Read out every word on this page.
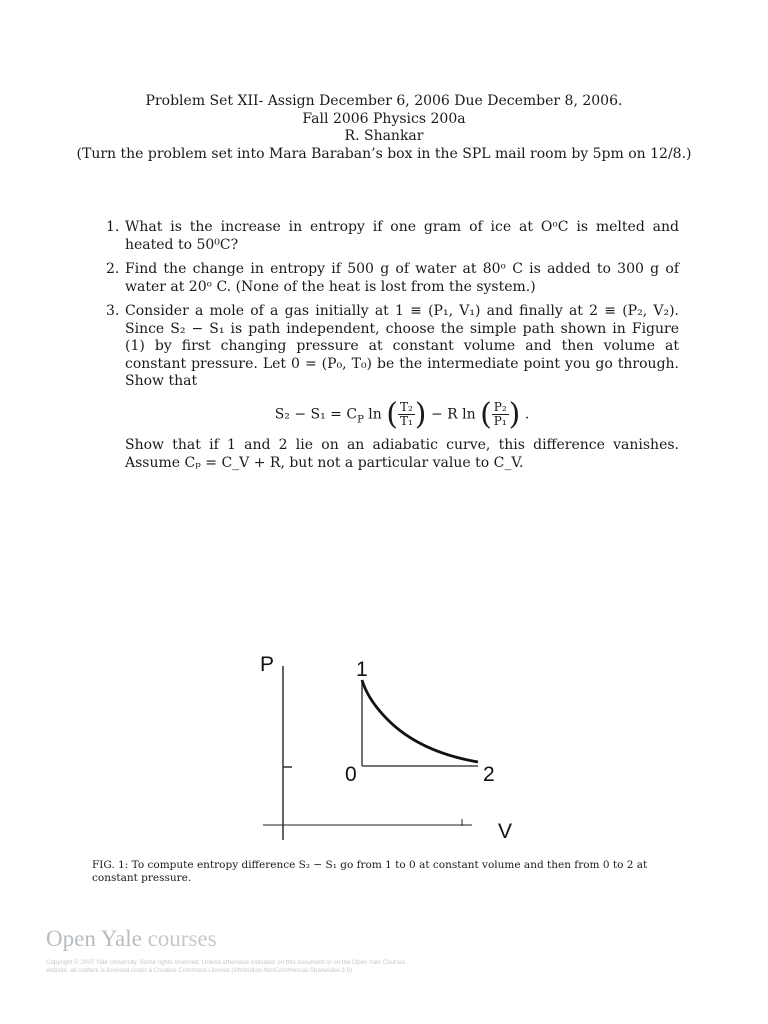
Problem Set XII- Assign December 6, 2006 Due December 8, 2006.
Fall 2006 Physics 200a
R. Shankar
(Turn the problem set into Mara Baraban’s box in the SPL mail room by 5pm on 12/8.)
1. What is the increase in entropy if one gram of ice at OᵒC is melted and heated to 50⁰C?
2. Find the change in entropy if 500 g of water at 80ᵒ C is added to 300 g of water at 20ᵒ C. (None of the heat is lost from the system.)
3. Consider a mole of a gas initially at 1 ≡ (P₁, V₁) and finally at 2 ≡ (P₂, V₂). Since S₂ − S₁ is path independent, choose the simple path shown in Figure (1) by first changing pressure at constant volume and then volume at constant pressure. Let 0 = (P₀, T₀) be the intermediate point you go through. Show that
$S_2 - S_1 = C_P$ ln ( $\frac{\text{T₂}}{\text{T₁}}$ ) − R ln ( $\frac{\text{P₂}}{\text{P₁}}$ ) .
Show that if 1 and 2 lie on an adiabatic curve, this difference vanishes. Assume Cₚ = C_V + R, but not a particular value to C_V.
P	1
0	2
V
FIG. 1: To compute entropy difference S₂ − S₁ go from 1 to 0 at constant volume and then from 0 to 2 at constant pressure.
Open Yale courses
Copyright © 2007 Yale University. Some rights reserved. Unless otherwise indicated on this document or on the Open Yale Courses website, all content is licensed under a Creative Commons License (Attribution-NonCommercial-ShareAlike 3.0).
